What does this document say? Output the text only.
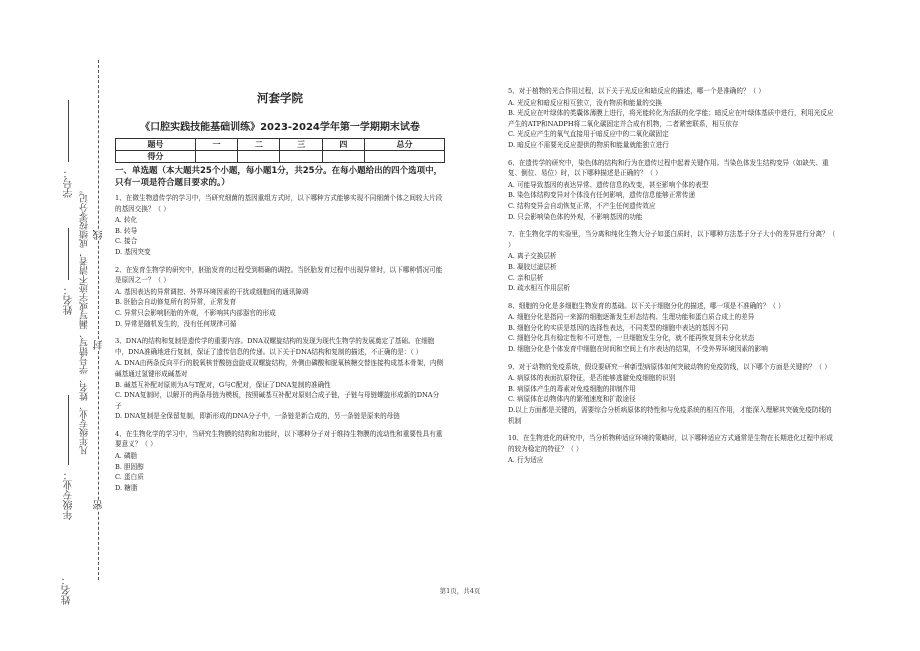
学号：
姓名：
年级专业：
姓名：
凡年级专业、姓名、学号错写、漏写或字迹不清者，成绩按零分记。 线
封
密
河套学院
《口腔实践技能基础训练》2023-2024学年第一学期期末试卷
题号	一	二	三	四	总分
得分					
一、单选题（本大题共25个小题，每小题1分，共25分。在每小题给出的四个选项中，只有一项是符合题目要求的。）

1、在微生物遗传学的学习中，当研究细菌的基因重组方式时，以下哪种方式能够实现不同细菌个体之间较大片段的基因交换？（ ）

A. 转化

B. 转导

C. 接合

D. 基因突变

2、在发育生物学的研究中，胚胎发育的过程受到精确的调控。当胚胎发育过程中出现异常时，以下哪种情况可能是原因之一？（ ）

A. 基因表达的异常调控、外界环境因素的干扰或细胞间的通讯障碍

B. 胚胎会自动修复所有的异常，正常发育

C. 异常只会影响胚胎的外观，不影响其内部器官的形成

D. 异常是随机发生的，没有任何规律可循

3、DNA的结构和复制是遗传学的重要内容。DNA双螺旋结构的发现为现代生物学的发展奠定了基础。在细胞中，DNA准确地进行复制，保证了遗传信息的传递。以下关于DNA结构和复制的描述，不正确的是：（ ）

A. DNA由两条反向平行的脱氧核苷酸链盘旋成双螺旋结构，外侧由磷酸和脱氧核糖交替连接构成基本骨架，内侧碱基通过氢键形成碱基对

B. 碱基互补配对原则为A与T配对，G与C配对，保证了DNA复制的准确性

C. DNA复制时，以解开的两条母链为模板，按照碱基互补配对原则合成子链，子链与母链螺旋形成新的DNA分子

D. DNA复制是全保留复制，即新形成的DNA分子中，一条链是新合成的，另一条链是原来的母链

4、在生物化学的学习中，当研究生物膜的结构和功能时，以下哪种分子对于维持生物膜的流动性和重要性具有重要意义？（ ）

A. 磷脂

B. 胆固醇

C. 蛋白质

D. 糖脂

5、对于植物的光合作用过程，以下关于光反应和暗反应的描述，哪一个是准确的？（ ）

A. 光反应和暗反应相互独立，没有物质和能量的交换

B. 光反应在叶绿体的类囊体薄膜上进行，将光能转化为活跃的化学能；暗反应在叶绿体基质中进行，利用光反应产生的ATP和NADPH将二氧化碳固定并合成有机物，二者紧密联系，相互依存

C. 光反应产生的氧气直接用于暗反应中的二氧化碳固定

D. 暗反应不需要光反应提供的物质和能量就能独立进行

6、在遗传学的研究中，染色体的结构和行为在遗传过程中起着关键作用。当染色体发生结构变异（如缺失、重复、倒位、易位）时，以下哪种描述是正确的？（ ）

A. 可能导致基因的表达异常、遗传信息的改变，甚至影响个体的表型

B. 染色体结构变异对个体没有任何影响，遗传信息能够正常传递

C. 结构变异会自动恢复正常，不产生任何遗传效应

D. 只会影响染色体的外观，不影响基因的功能

7、在生物化学的实验里，当分离和纯化生物大分子如蛋白质时，以下哪种方法基于分子大小的差异进行分离？（ ）

A. 离子交换层析

B. 凝胶过滤层析

C. 亲和层析

D. 疏水相互作用层析

8、细胞的分化是多细胞生物发育的基础。以下关于细胞分化的描述，哪一项是不准确的？（ ）

A. 细胞分化是指同一来源的细胞逐渐发生形态结构、生理功能和蛋白质合成上的差异

B. 细胞分化的实质是基因的选择性表达，不同类型的细胞中表达的基因不同

C. 细胞分化具有稳定性和不可逆性，一旦细胞发生分化，就不能再恢复到未分化状态

D. 细胞分化是个体发育中细胞在时间和空间上有序表达的结果，不受外界环境因素的影响

9、对于动物的免疫系统，假设要研究一种新型病原体如何突破动物的免疫防线，以下哪个方面是关键的？（ ）

A. 病原体的表面抗原特征，是否能够逃避免疫细胞的识别

B. 病原体产生的毒素对免疫细胞的抑制作用

C. 病原体在动物体内的繁殖速度和扩散途径

D.以上方面都是关键的，需要综合分析病原体的特性和与免疫系统的相互作用，才能深入理解其突破免疫防线的机制

10、在生物进化的研究中，当分析物种适应环境的策略时，以下哪种适应方式通常是生物在长期进化过程中形成的较为稳定的特征？（ ）

A. 行为适应

第1页，共4页
